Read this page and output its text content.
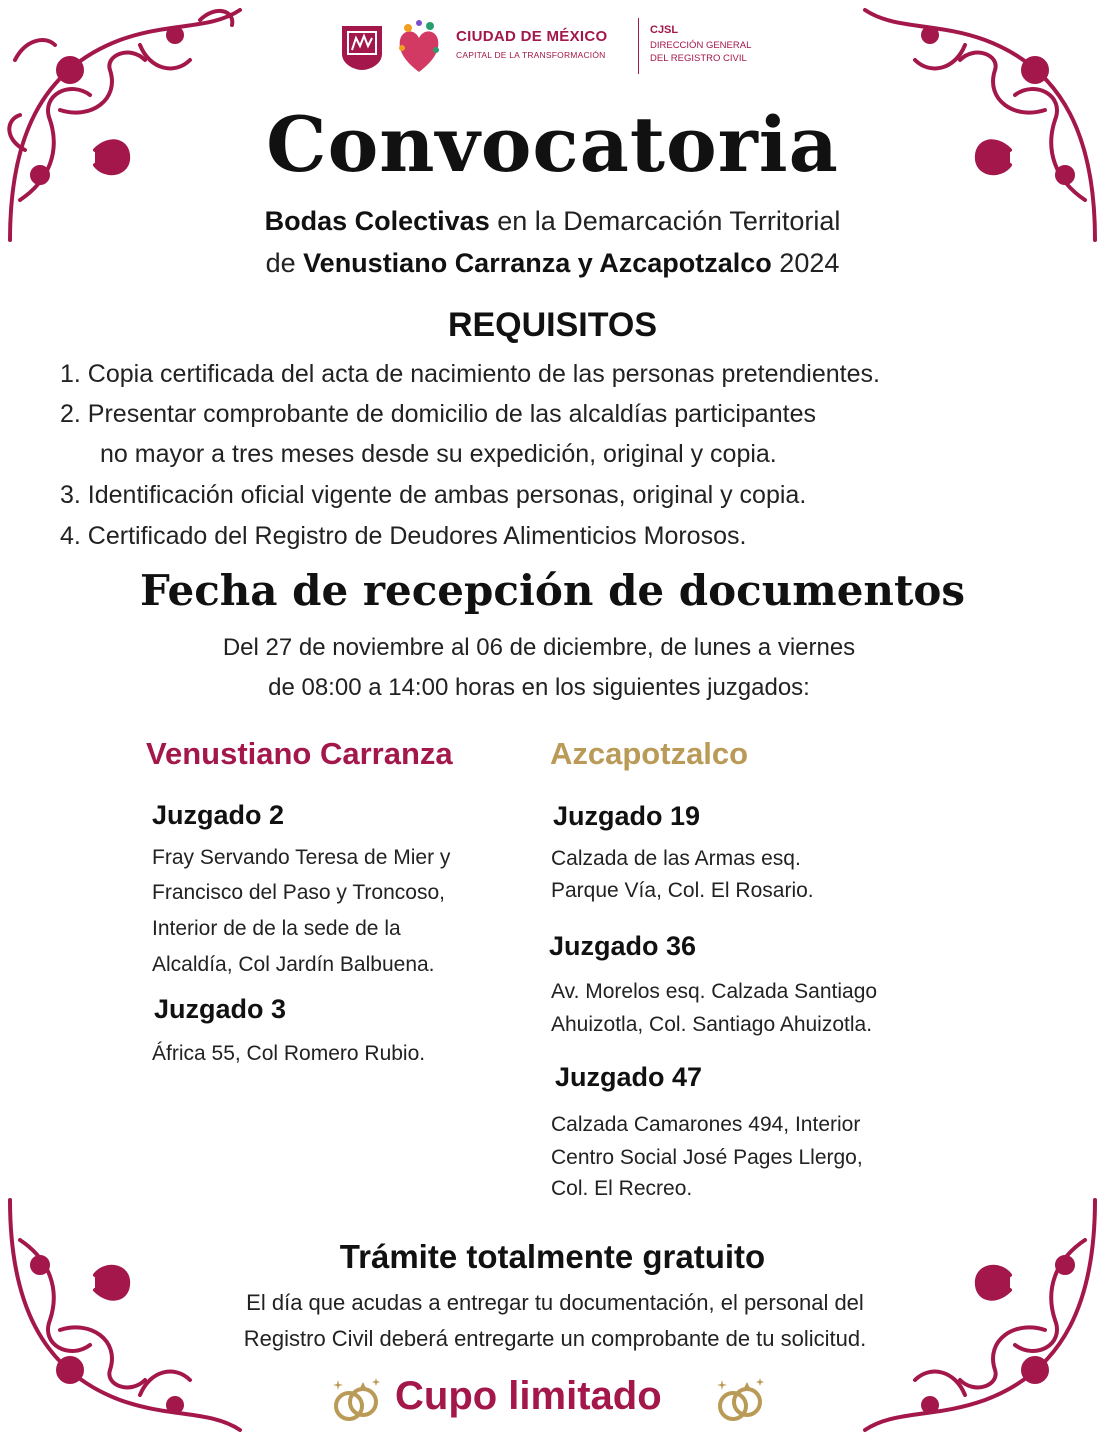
CIUDAD DE MÉXICO
CAPITAL DE LA TRANSFORMACIÓN
CJSL
DIRECCIÓN GENERAL
DEL REGISTRO CIVIL
Convocatoria
Bodas Colectivas en la Demarcación Territorial
de Venustiano Carranza y Azcapotzalco 2024
REQUISITOS
1. Copia certificada del acta de nacimiento de las personas pretendientes.
2. Presentar comprobante de domicilio de las alcaldías participantes
no mayor a tres meses desde su expedición, original y copia.
3. Identificación oficial vigente de ambas personas, original y copia.
4. Certificado del Registro de Deudores Alimenticios Morosos.
Fecha de recepción de documentos
Del 27 de noviembre al 06 de diciembre, de lunes a viernes
de 08:00 a 14:00 horas en los siguientes juzgados:
Venustiano Carranza
Juzgado 2
Fray Servando Teresa de Mier y
Francisco del Paso y Troncoso,
Interior de de la sede de la
Alcaldía, Col Jardín Balbuena.
Juzgado 3
África 55, Col Romero Rubio.
Azcapotzalco
Juzgado 19
Calzada de las Armas esq.
Parque Vía, Col. El Rosario.
Juzgado 36
Av. Morelos esq. Calzada Santiago
Ahuizotla, Col. Santiago Ahuizotla.
Juzgado 47
Calzada Camarones 494, Interior
Centro Social José Pages Llergo,
Col. El Recreo.
Trámite totalmente gratuito
El día que acudas a entregar tu documentación, el personal del
Registro Civil deberá entregarte un comprobante de tu solicitud.
Cupo limitado
